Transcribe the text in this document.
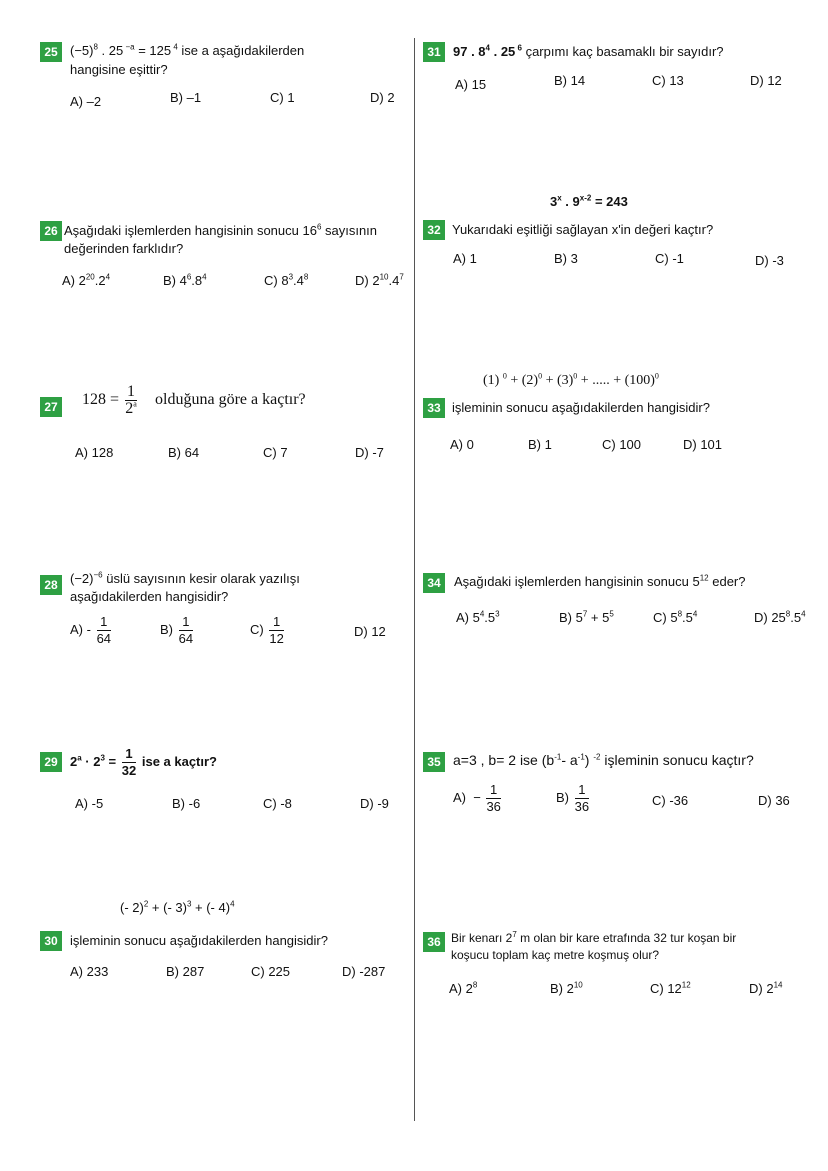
25 $(-5)^8$ . 25 $^{-a}$ = 125 $^4$ ise a aşağıdakilerden
hangisine eşittir?
A) –2	B) –1	C) 1	D) 2
26 Aşağıdaki işlemlerden hangisinin sonucu $16^6$ sayısının
değerinden farklıdır?
A) $2^{20}.2^4$	B) $4^6.8^4$	C) $8^3.4^8$	D) $2^{10}.4^7$
27 $128 = \frac{1}{2^a}$ olduğuna göre a kaçtır?
A) 128	B) 64	C) 7	D) -7
28 $(-2)^{-6}$ üslü sayısının kesir olarak yazılışı
aşağıdakilerden hangisidir?
$A) - \frac{1}{64}$	$B) \frac{1}{64}$	$C) \frac{1}{12}$	D) 12
29 $2^a \cdot 2^3 = \frac{1}{32}$ ise a kaçtır?
A) -5	B) -6	C) -8	D) -9
(- 2)$^2$ + (- 3)$^3$ + (- 4)$^4$
30 işleminin sonucu aşağıdakilerden hangisidir?
A) 233	B) 287	C) 225	D) -287
31 97 . $8^4$ . 25 $^6$ çarpımı kaç basamaklı bir sayıdır?
A) 15	B) 14	C) 13	D) 12
3$^x$ . $9^{x-2} = 243$
32 Yukarıdaki eşitliği sağlayan x'in değeri kaçtır?
A) 1	B) 3	C) -1	D) -3
(1) $^0 + (2)^0 + (3)^0$ + ..... + $(100)^0$
33 işleminin sonucu aşağıdakilerden hangisidir?
A) 0	B) 1	C) 100	D) 101
34	Aşağıdaki işlemlerden hangisinin sonucu $5^{12}$ eder?
A) $5^4.5^3$	B) $5^7 + 5^5$	C) $5^8.5^4$	D) $25^8.5^4$
35 a=3 , b= 2 ise ($b^{-1}-$ $a^{-1}$) $^{-2}$ işleminin sonucu kaçtır?
$A) - \frac{1}{36}$	$B) \frac{1}{36}$	C) -36	D) 36
36 Bir kenarı $2^7$ m olan bir kare etrafında 32 tur koşan bir
koşucu toplam kaç metre koşmuş olur?
A) $2^8$	B) $2^{10}$	C) $12^{12}$	D) $2^{14}$
